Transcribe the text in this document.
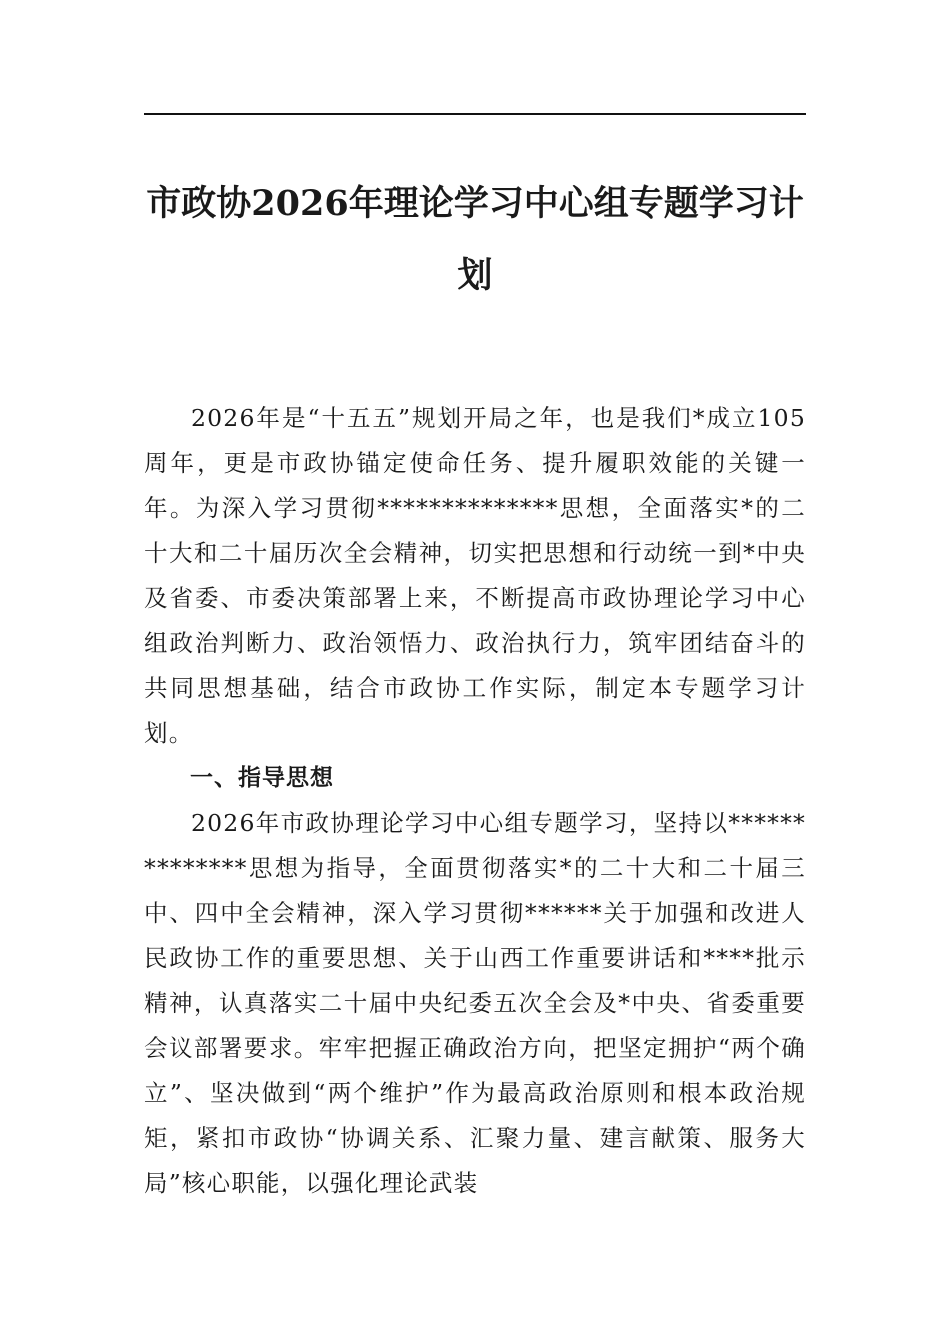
市政协2026年理论学习中心组专题学习计
划

2026年是“十五五”规划开局之年，也是我们*成立105周年，更是市政协锚定使命任务、提升履职效能的关键一年。为深入学习贯彻**************思想，全面落实*的二十大和二十届历次全会精神，切实把思想和行动统一到*中央及省委、市委决策部署上来，不断提高市政协理论学习中心组政治判断力、政治领悟力、政治执行力，筑牢团结奋斗的共同思想基础，结合市政协工作实际，制定本专题学习计划。

一、指导思想

2026年市政协理论学习中心组专题学习，坚持以**************思想为指导，全面贯彻落实*的二十大和二十届三中、四中全会精神，深入学习贯彻******关于加强和改进人民政协工作的重要思想、关于山西工作重要讲话和****批示精神，认真落实二十届中央纪委五次全会及*中央、省委重要会议部署要求。牢牢把握正确政治方向，把坚定拥护“两个确立”、坚决做到“两个维护”作为最高政治原则和根本政治规矩，紧扣市政协“协调关系、汇聚力量、建言献策、服务大局”核心职能，以强化理论武装
